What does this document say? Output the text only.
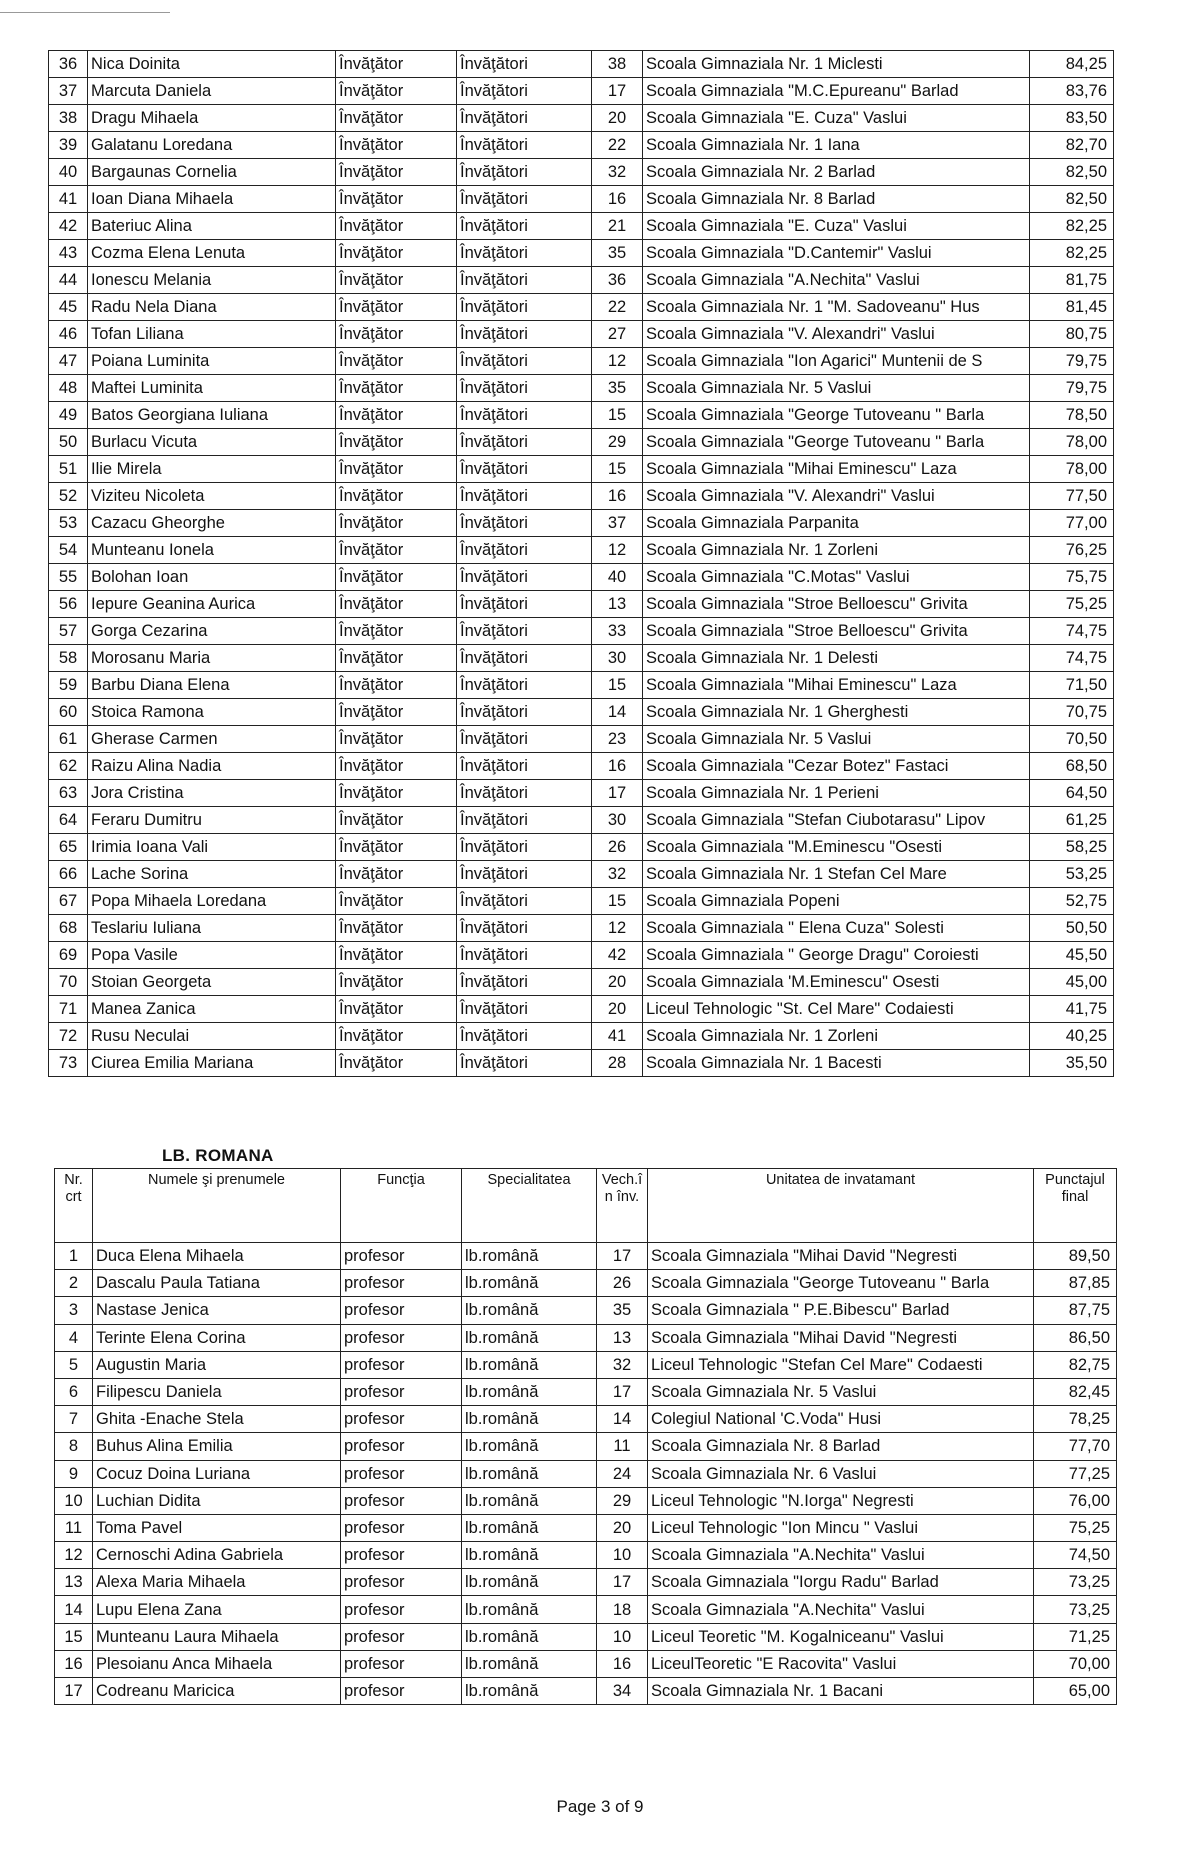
36	Nica Doinita	Învăţător	Învăţători	38	Scoala Gimnaziala Nr. 1 Miclesti	84,25
37	Marcuta Daniela	Învăţător	Învăţători	17	Scoala Gimnaziala "M.C.Epureanu" Barlad	83,76
38	Dragu Mihaela	Învăţător	Învăţători	20	Scoala Gimnaziala "E. Cuza" Vaslui	83,50
39	Galatanu Loredana	Învăţător	Învăţători	22	Scoala Gimnaziala Nr. 1 Iana	82,70
40	Bargaunas Cornelia	Învăţător	Învăţători	32	Scoala Gimnaziala Nr. 2 Barlad	82,50
41	Ioan Diana Mihaela	Învăţător	Învăţători	16	Scoala Gimnaziala Nr. 8 Barlad	82,50
42	Bateriuc Alina	Învăţător	Învăţători	21	Scoala Gimnaziala "E. Cuza" Vaslui	82,25
43	Cozma Elena Lenuta	Învăţător	Învăţători	35	Scoala Gimnaziala "D.Cantemir" Vaslui	82,25
44	Ionescu Melania	Învăţător	Învăţători	36	Scoala Gimnaziala "A.Nechita" Vaslui	81,75
45	Radu Nela Diana	Învăţător	Învăţători	22	Scoala Gimnaziala Nr. 1 "M. Sadoveanu" Hus	81,45
46	Tofan Liliana	Învăţător	Învăţători	27	Scoala Gimnaziala "V. Alexandri" Vaslui	80,75
47	Poiana Luminita	Învăţător	Învăţători	12	Scoala Gimnaziala "Ion Agarici" Muntenii de S	79,75
48	Maftei Luminita	Învăţător	Învăţători	35	Scoala Gimnaziala Nr. 5 Vaslui	79,75
49	Batos Georgiana Iuliana	Învăţător	Învăţători	15	Scoala Gimnaziala "George Tutoveanu " Barla	78,50
50	Burlacu Vicuta	Învăţător	Învăţători	29	Scoala Gimnaziala "George Tutoveanu " Barla	78,00
51	Ilie Mirela	Învăţător	Învăţători	15	Scoala Gimnaziala "Mihai Eminescu" Laza	78,00
52	Viziteu Nicoleta	Învăţător	Învăţători	16	Scoala Gimnaziala "V. Alexandri" Vaslui	77,50
53	Cazacu Gheorghe	Învăţător	Învăţători	37	Scoala Gimnaziala Parpanita	77,00
54	Munteanu Ionela	Învăţător	Învăţători	12	Scoala Gimnaziala Nr. 1 Zorleni	76,25
55	Bolohan Ioan	Învăţător	Învăţători	40	Scoala Gimnaziala "C.Motas" Vaslui	75,75
56	Iepure Geanina Aurica	Învăţător	Învăţători	13	Scoala Gimnaziala "Stroe Belloescu" Grivita	75,25
57	Gorga Cezarina	Învăţător	Învăţători	33	Scoala Gimnaziala "Stroe Belloescu" Grivita	74,75
58	Morosanu Maria	Învăţător	Învăţători	30	Scoala Gimnaziala Nr. 1 Delesti	74,75
59	Barbu Diana Elena	Învăţător	Învăţători	15	Scoala Gimnaziala "Mihai Eminescu" Laza	71,50
60	Stoica Ramona	Învăţător	Învăţători	14	Scoala Gimnaziala Nr. 1 Gherghesti	70,75
61	Gherase Carmen	Învăţător	Învăţători	23	Scoala Gimnaziala Nr. 5 Vaslui	70,50
62	Raizu Alina Nadia	Învăţător	Învăţători	16	Scoala Gimnaziala "Cezar Botez" Fastaci	68,50
63	Jora Cristina	Învăţător	Învăţători	17	Scoala Gimnaziala Nr. 1 Perieni	64,50
64	Feraru Dumitru	Învăţător	Învăţători	30	Scoala Gimnaziala "Stefan Ciubotarasu" Lipov	61,25
65	Irimia Ioana Vali	Învăţător	Învăţători	26	Scoala Gimnaziala "M.Eminescu "Osesti	58,25
66	Lache Sorina	Învăţător	Învăţători	32	Scoala Gimnaziala Nr. 1 Stefan Cel Mare	53,25
67	Popa Mihaela Loredana	Învăţător	Învăţători	15	Scoala Gimnaziala Popeni	52,75
68	Teslariu Iuliana	Învăţător	Învăţători	12	Scoala Gimnaziala " Elena Cuza" Solesti	50,50
69	Popa Vasile	Învăţător	Învăţători	42	Scoala Gimnaziala " George Dragu" Coroiesti	45,50
70	Stoian Georgeta	Învăţător	Învăţători	20	Scoala Gimnaziala 'M.Eminescu" Osesti	45,00
71	Manea Zanica	Învăţător	Învăţători	20	Liceul Tehnologic "St. Cel Mare" Codaiesti	41,75
72	Rusu Neculai	Învăţător	Învăţători	41	Scoala Gimnaziala Nr. 1 Zorleni	40,25
73	Ciurea Emilia Mariana	Învăţător	Învăţători	28	Scoala Gimnaziala Nr. 1 Bacesti	35,50
LB. ROMANA
Nr. crt	Numele şi prenumele	Funcţia	Specialitatea	Vech.î n înv.	Unitatea de invatamant	Punctajul final
1	Duca Elena Mihaela	profesor	lb.română	17	Scoala Gimnaziala "Mihai David "Negresti	89,50
2	Dascalu Paula Tatiana	profesor	lb.română	26	Scoala Gimnaziala "George Tutoveanu " Barla	87,85
3	Nastase Jenica	profesor	lb.română	35	Scoala Gimnaziala " P.E.Bibescu" Barlad	87,75
4	Terinte Elena Corina	profesor	lb.română	13	Scoala Gimnaziala "Mihai David "Negresti	86,50
5	Augustin Maria	profesor	lb.română	32	Liceul Tehnologic "Stefan Cel Mare" Codaesti	82,75
6	Filipescu Daniela	profesor	lb.română	17	Scoala Gimnaziala Nr. 5 Vaslui	82,45
7	Ghita -Enache Stela	profesor	lb.română	14	Colegiul National 'C.Voda" Husi	78,25
8	Buhus Alina Emilia	profesor	lb.română	11	Scoala Gimnaziala Nr. 8 Barlad	77,70
9	Cocuz Doina Luriana	profesor	lb.română	24	Scoala Gimnaziala Nr. 6 Vaslui	77,25
10	Luchian Didita	profesor	lb.română	29	Liceul Tehnologic "N.Iorga" Negresti	76,00
11	Toma Pavel	profesor	lb.română	20	Liceul Tehnologic "Ion Mincu " Vaslui	75,25
12	Cernoschi Adina Gabriela	profesor	lb.română	10	Scoala Gimnaziala "A.Nechita" Vaslui	74,50
13	Alexa Maria Mihaela	profesor	lb.română	17	Scoala Gimnaziala "Iorgu Radu" Barlad	73,25
14	Lupu Elena Zana	profesor	lb.română	18	Scoala Gimnaziala "A.Nechita" Vaslui	73,25
15	Munteanu Laura Mihaela	profesor	lb.română	10	Liceul Teoretic "M. Kogalniceanu" Vaslui	71,25
16	Plesoianu Anca Mihaela	profesor	lb.română	16	LiceulTeoretic "E Racovita" Vaslui	70,00
17	Codreanu Maricica	profesor	lb.română	34	Scoala Gimnaziala Nr. 1 Bacani	65,00
Page 3 of 9
